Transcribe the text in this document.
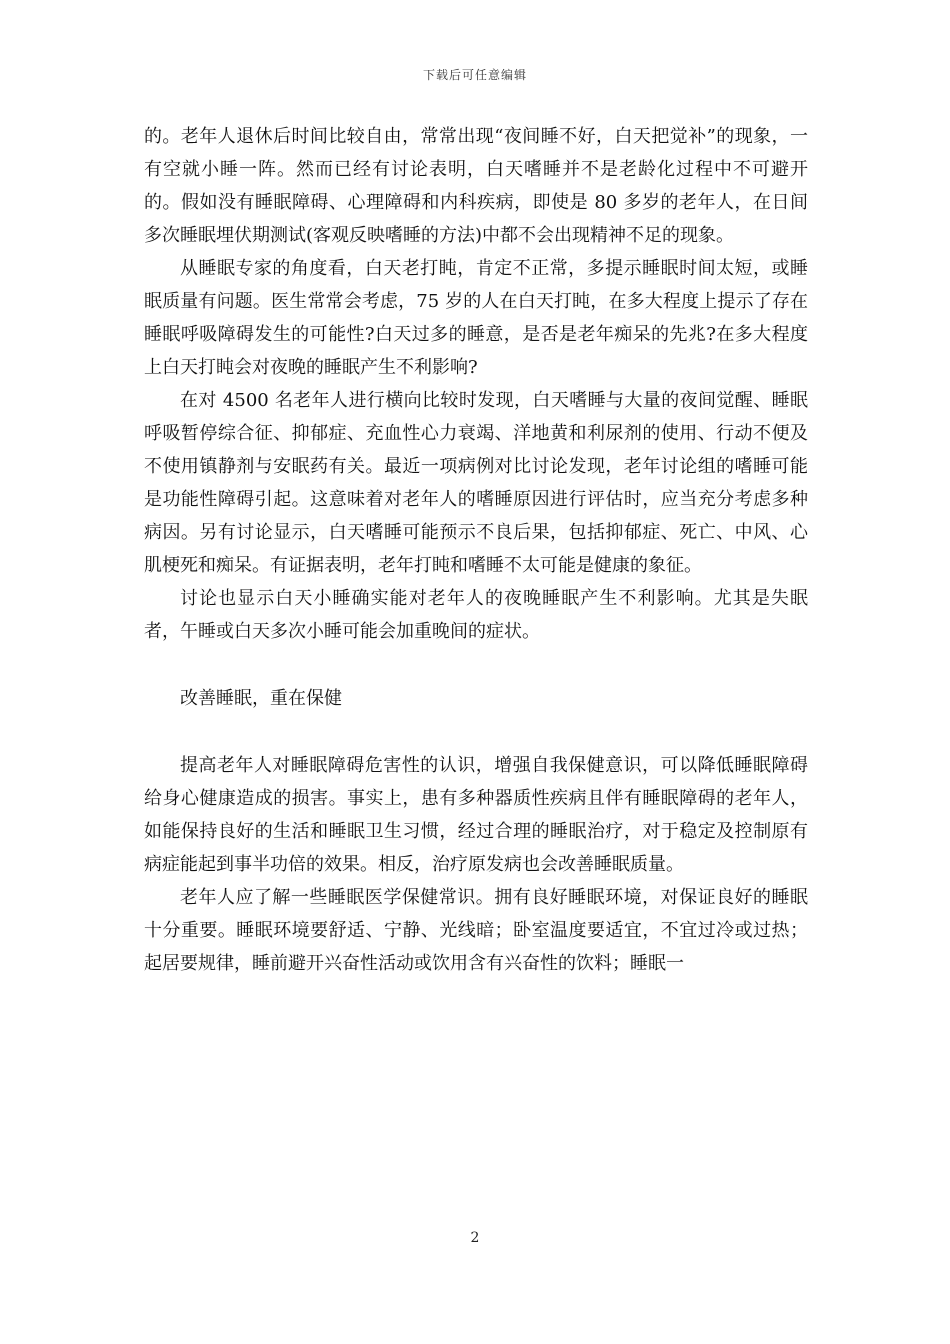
下载后可任意编辑

的。老年人退休后时间比较自由，常常出现“夜间睡不好，白天把觉补”的现象，一有空就小睡一阵。然而已经有讨论表明，白天嗜睡并不是老龄化过程中不可避开的。假如没有睡眠障碍、心理障碍和内科疾病，即使是 80 多岁的老年人，在日间多次睡眠埋伏期测试(客观反映嗜睡的方法)中都不会出现精神不足的现象。

从睡眠专家的角度看，白天老打盹，肯定不正常，多提示睡眠时间太短，或睡眠质量有问题。医生常常会考虑，75 岁的人在白天打盹，在多大程度上提示了存在睡眠呼吸障碍发生的可能性?白天过多的睡意，是否是老年痴呆的先兆?在多大程度上白天打盹会对夜晚的睡眠产生不利影响?

在对 4500 名老年人进行横向比较时发现，白天嗜睡与大量的夜间觉醒、睡眠呼吸暂停综合征、抑郁症、充血性心力衰竭、洋地黄和利尿剂的使用、行动不便及不使用镇静剂与安眠药有关。最近一项病例对比讨论发现，老年讨论组的嗜睡可能是功能性障碍引起。这意味着对老年人的嗜睡原因进行评估时，应当充分考虑多种病因。另有讨论显示，白天嗜睡可能预示不良后果，包括抑郁症、死亡、中风、心肌梗死和痴呆。有证据表明，老年打盹和嗜睡不太可能是健康的象征。

讨论也显示白天小睡确实能对老年人的夜晚睡眠产生不利影响。尤其是失眠者，午睡或白天多次小睡可能会加重晚间的症状。

改善睡眠，重在保健

提高老年人对睡眠障碍危害性的认识，增强自我保健意识，可以降低睡眠障碍给身心健康造成的损害。事实上，患有多种器质性疾病且伴有睡眠障碍的老年人，如能保持良好的生活和睡眠卫生习惯，经过合理的睡眠治疗，对于稳定及控制原有病症能起到事半功倍的效果。相反，治疗原发病也会改善睡眠质量。

老年人应了解一些睡眠医学保健常识。拥有良好睡眠环境，对保证良好的睡眠十分重要。睡眠环境要舒适、宁静、光线暗；卧室温度要适宜，不宜过冷或过热；起居要规律，睡前避开兴奋性活动或饮用含有兴奋性的饮料；睡眠一

2
